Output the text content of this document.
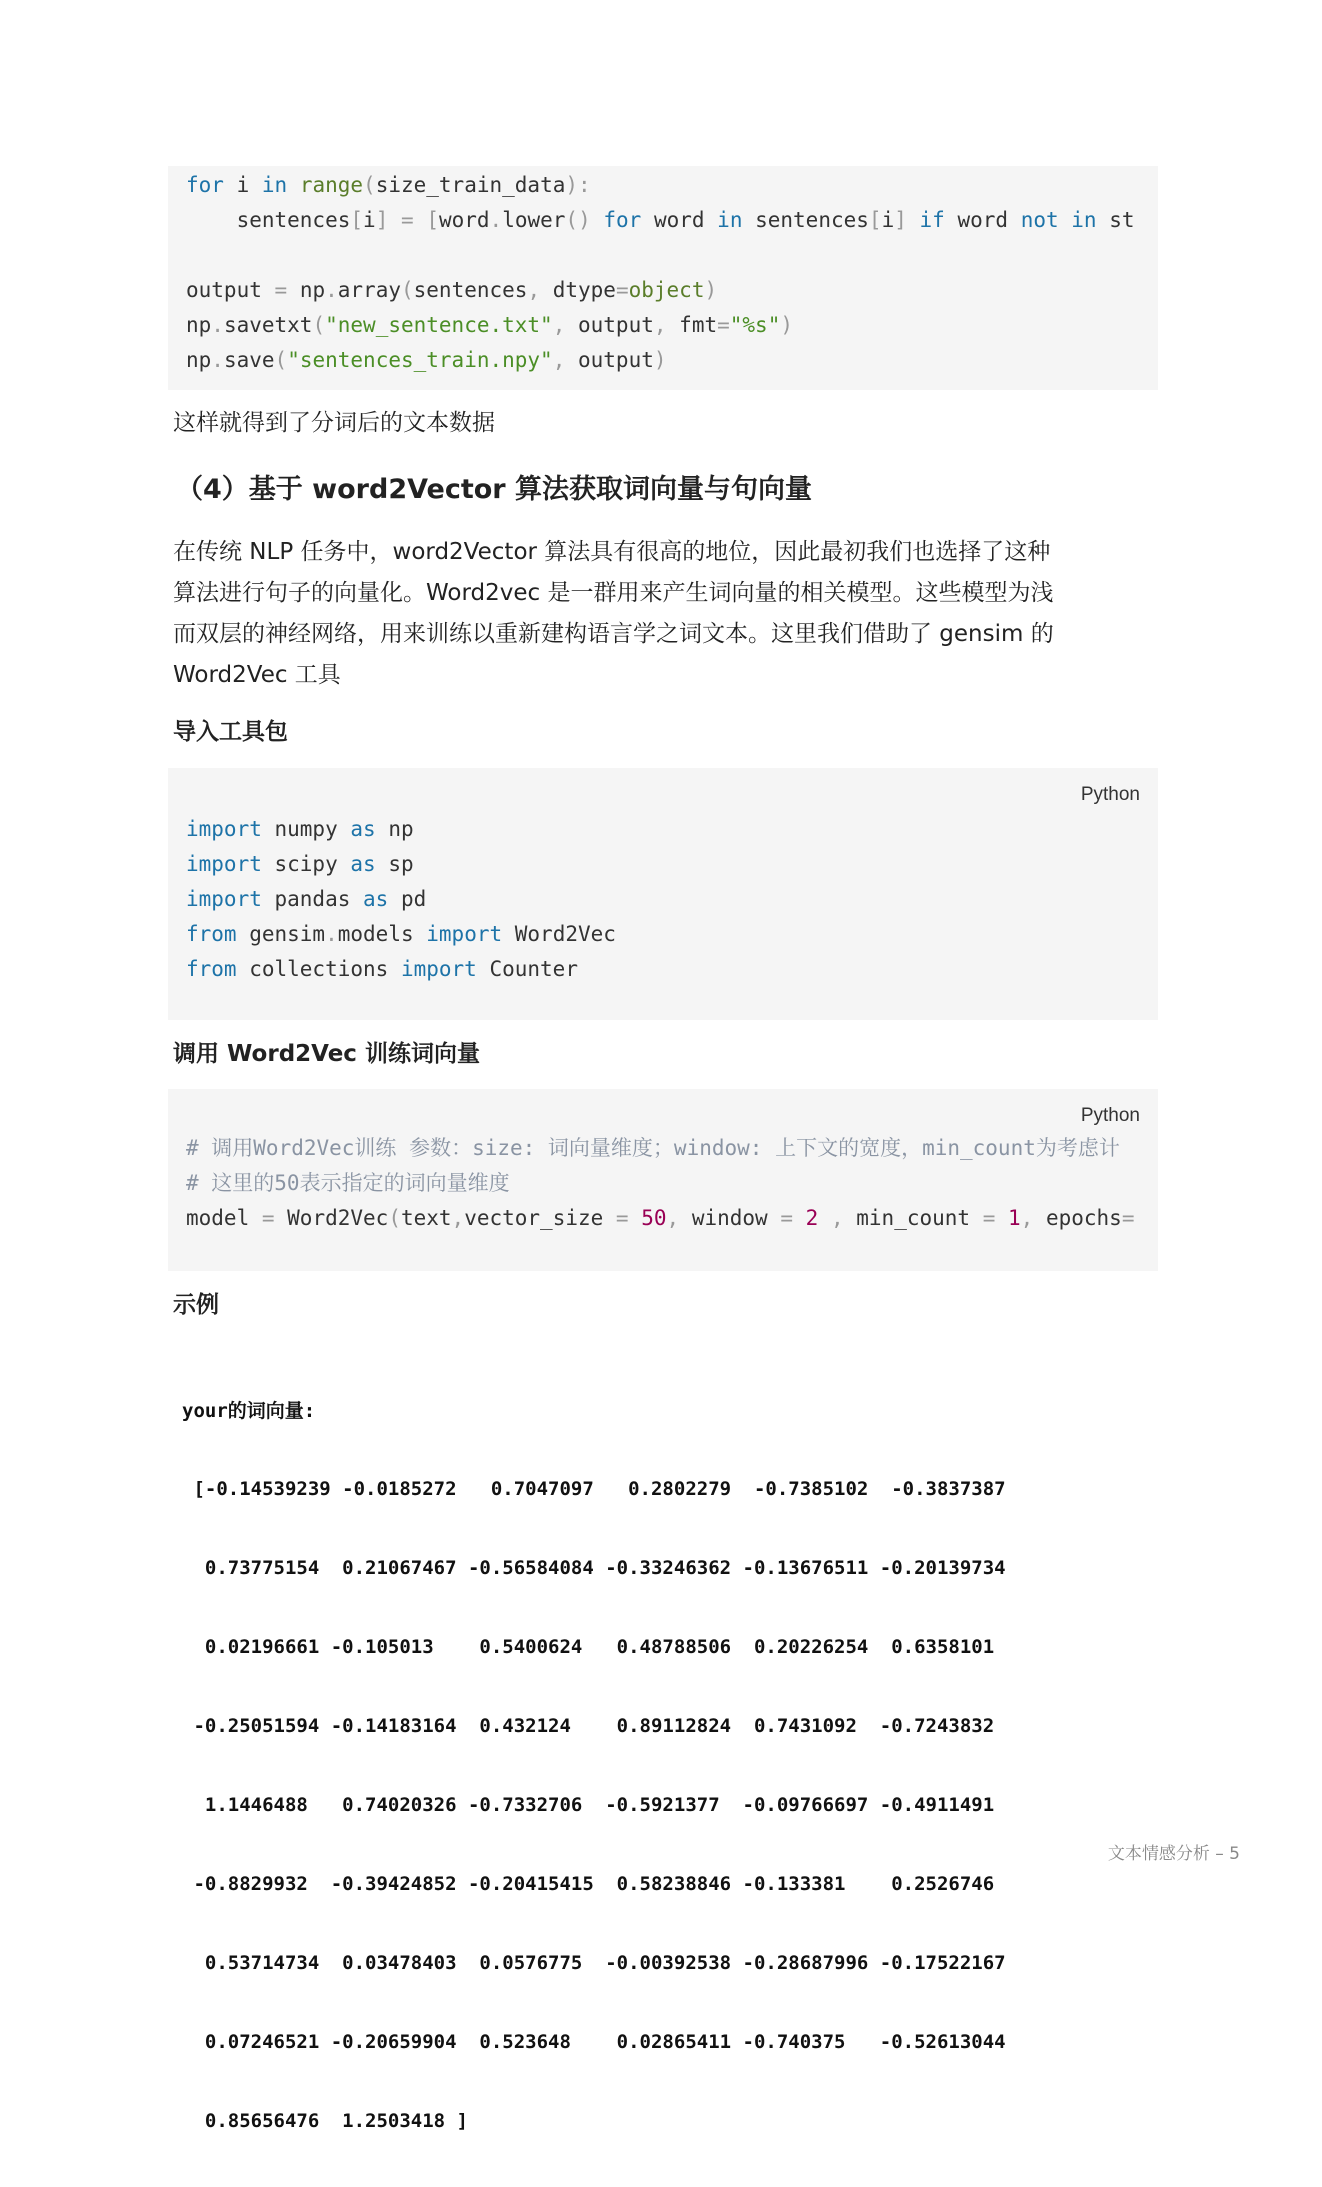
for i in range(size_train_data):
sentences[i] = [word.lower() for word in sentences[i] if word not in st
output = np.array(sentences, dtype=object)
np.savetxt("new_sentence.txt", output, fmt="%s")
np.save("sentences_train.npy", output)
这样就得到了分词后的文本数据
（4）基于 word2Vector 算法获取词向量与句向量
在传统 NLP 任务中，word2Vector 算法具有很高的地位，因此最初我们也选择了这种
算法进行句子的向量化。Word2vec 是一群用来产生词向量的相关模型。这些模型为浅
而双层的神经网络，用来训练以重新建构语言学之词文本。这里我们借助了 gensim 的
Word2Vec 工具
导入工具包
Python
import numpy as np
import scipy as sp
import pandas as pd
from gensim.models import Word2Vec
from collections import Counter
调用 Word2Vec 训练词向量
Python
# 调用Word2Vec训练 参数：size: 词向量维度；window: 上下文的宽度，min_count为考虑计
# 这里的50表示指定的词向量维度
model = Word2Vec(text,vector_size = 50, window = 2 , min_count = 1, epochs=
示例

your的词向量:

[-0.14539239 -0.0185272   0.7047097   0.2802279  -0.7385102  -0.3837387

0.73775154  0.21067467 -0.56584084 -0.33246362 -0.13676511 -0.20139734

0.02196661 -0.105013    0.5400624   0.48788506  0.20226254  0.6358101

-0.25051594 -0.14183164  0.432124    0.89112824  0.7431092  -0.7243832

1.1446488   0.74020326 -0.7332706  -0.5921377  -0.09766697 -0.4911491

-0.8829932  -0.39424852 -0.20415415  0.58238846 -0.133381    0.2526746

0.53714734  0.03478403  0.0576775  -0.00392538 -0.28687996 -0.17522167

0.07246521 -0.20659904  0.523648    0.02865411 -0.740375   -0.52613044

0.85656476  1.2503418 ]

文本情感分析 – 5
